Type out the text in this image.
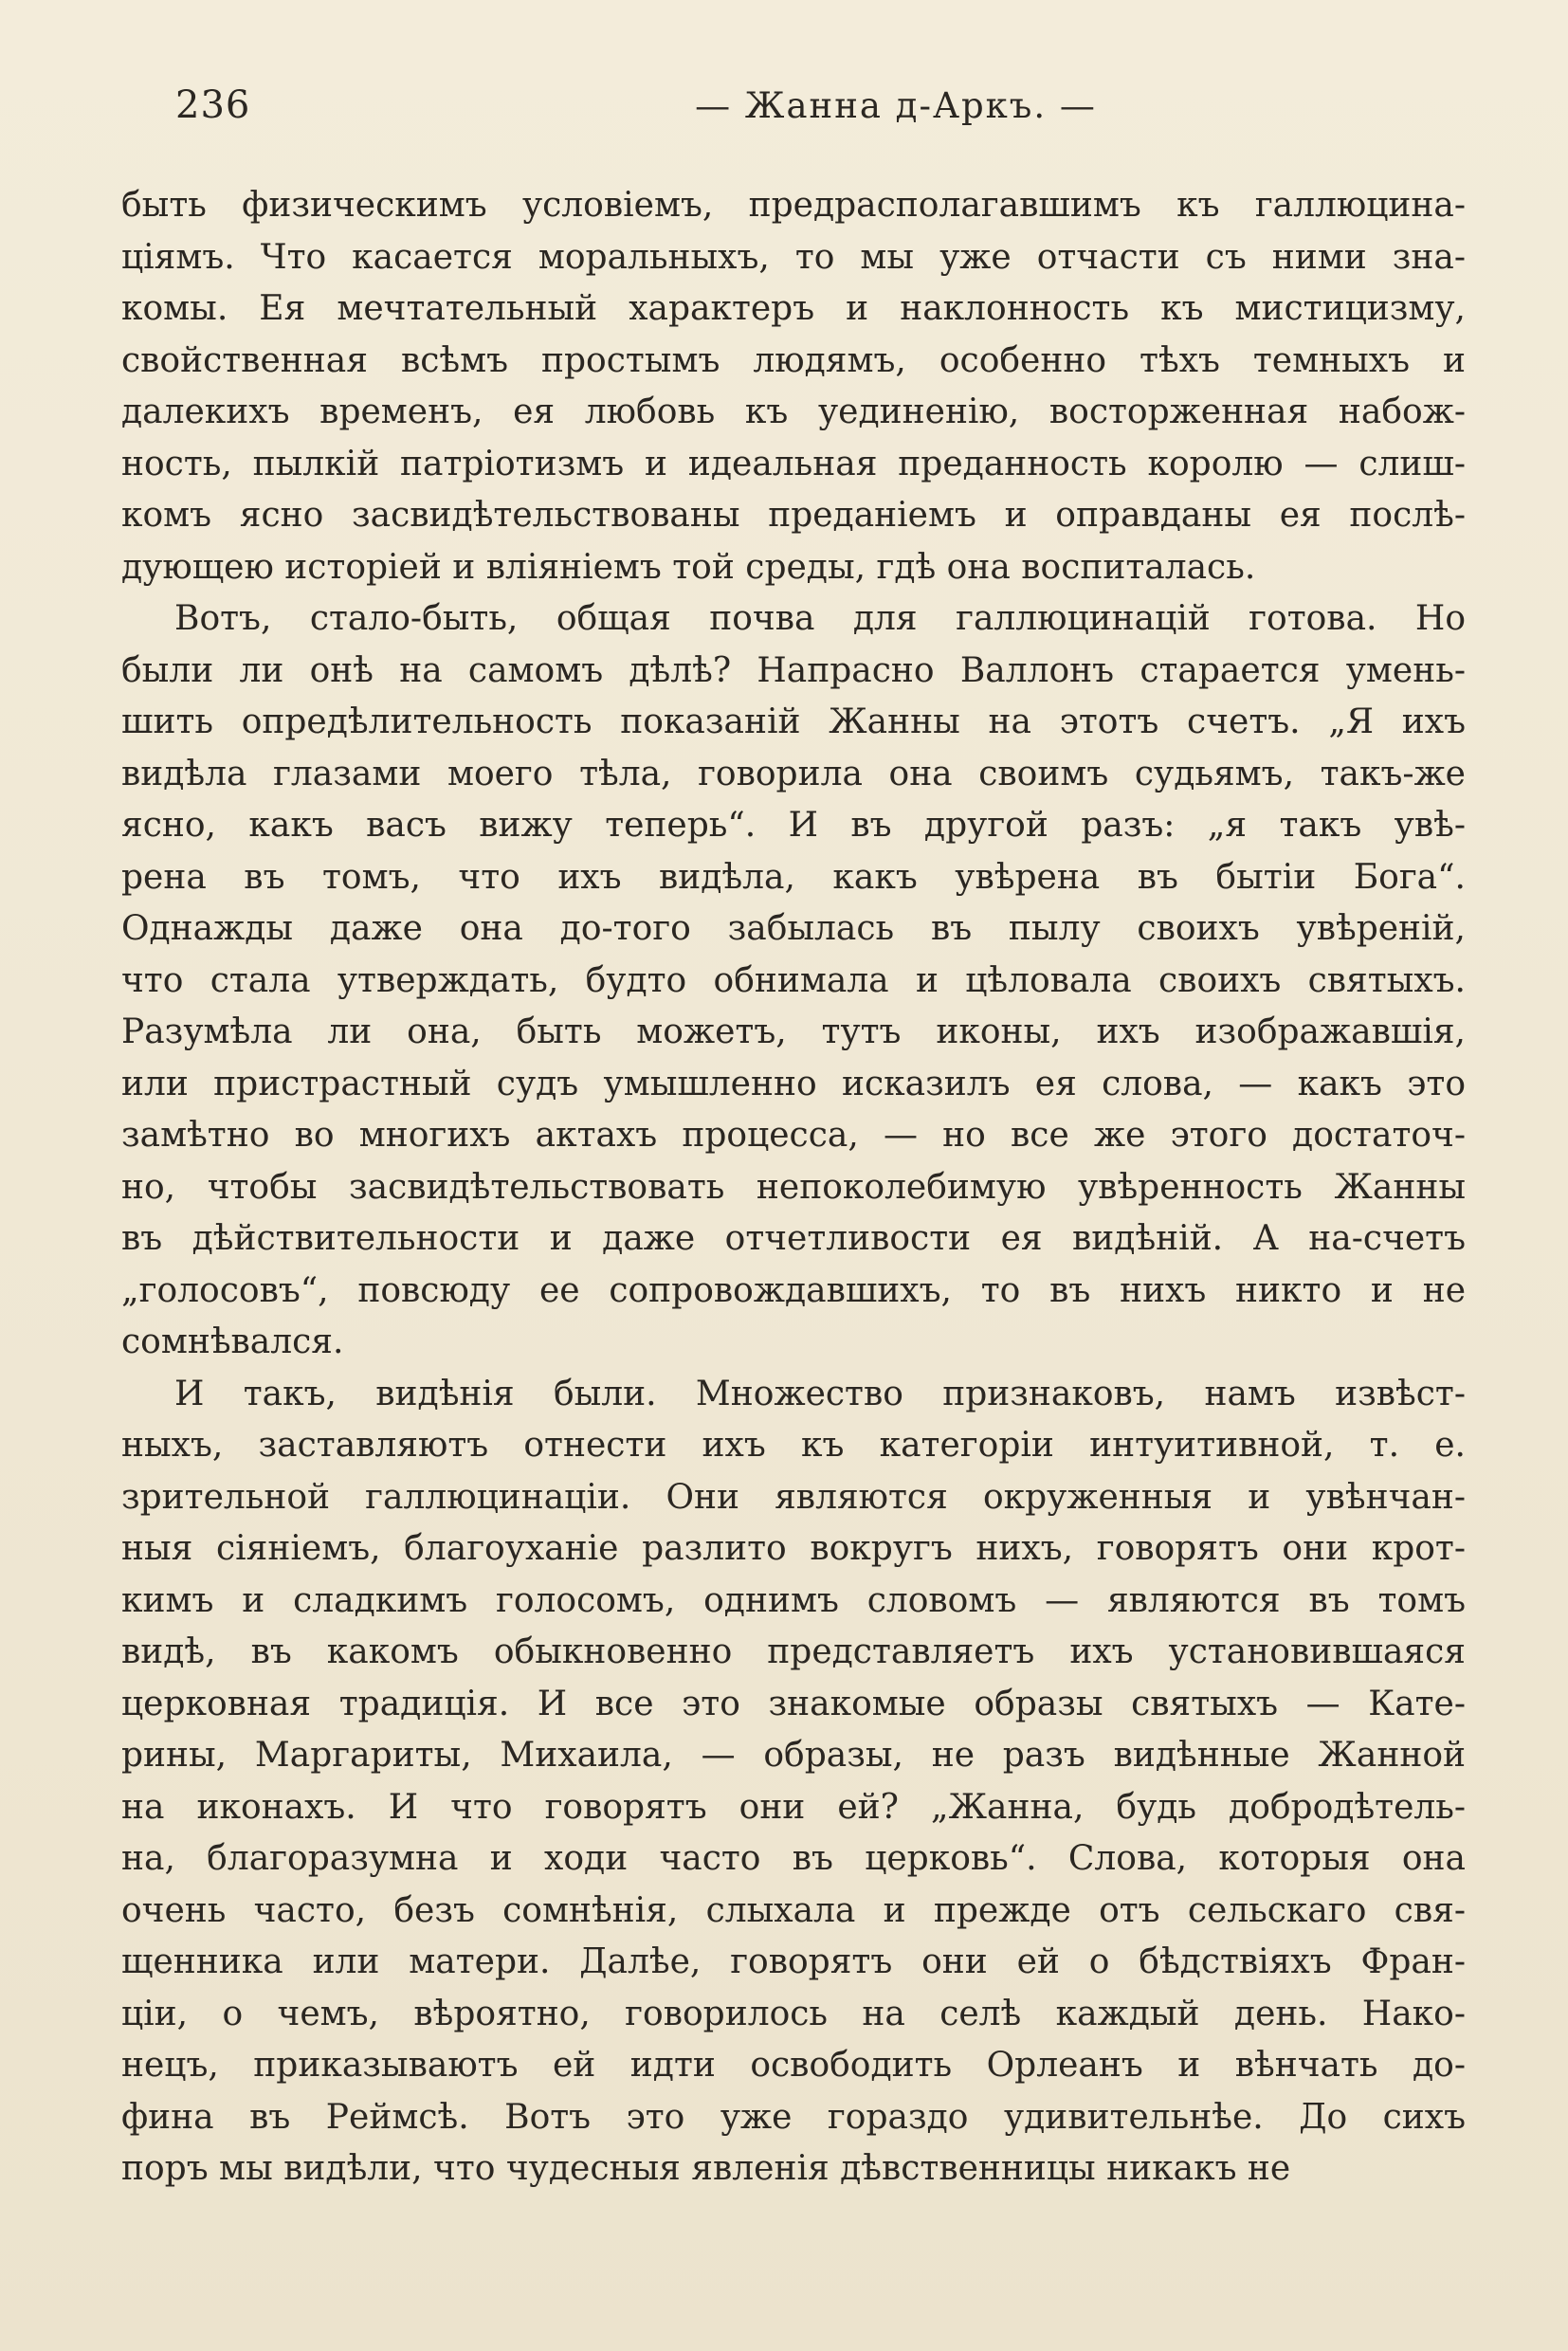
236	— Жанна д-Аркъ. —
быть физическимъ условіемъ, предрасполагавшимъ къ галлюцина-
ціямъ. Что касается моральныхъ, то мы уже отчасти съ ними зна-
комы. Ея мечтательный характеръ и наклонность къ мистицизму,
свойственная всѣмъ простымъ людямъ, особенно тѣхъ темныхъ и
далекихъ временъ, ея любовь къ уединенію, восторженная набож-
ность, пылкій патріотизмъ и идеальная преданность королю — слиш-
комъ ясно засвидѣтельствованы преданіемъ и оправданы ея послѣ-
дующею исторіей и вліяніемъ той среды, гдѣ она воспиталась.
Вотъ, стало-быть, общая почва для галлюцинацій готова. Но
были ли онѣ на самомъ дѣлѣ? Напрасно Валлонъ старается умень-
шить опредѣлительность показаній Жанны на этотъ счетъ. „Я ихъ
видѣла глазами моего тѣла, говорила она своимъ судьямъ, такъ-же
ясно, какъ васъ вижу теперь“. И въ другой разъ: „я такъ увѣ-
рена въ томъ, что ихъ видѣла, какъ увѣрена въ бытіи Бога“.
Однажды даже она до-того забылась въ пылу своихъ увѣреній,
что стала утверждать, будто обнимала и цѣловала своихъ святыхъ.
Разумѣла ли она, быть можетъ, тутъ иконы, ихъ изображавшія,
или пристрастный судъ умышленно исказилъ ея слова, — какъ это
замѣтно во многихъ актахъ процесса, — но все же этого достаточ-
но, чтобы засвидѣтельствовать непоколебимую увѣренность Жанны
въ дѣйствительности и даже отчетливости ея видѣній. А на-счетъ
„голосовъ“, повсюду ее сопровождавшихъ, то въ нихъ никто и не
сомнѣвался.
И такъ, видѣнія были. Множество признаковъ, намъ извѣст-
ныхъ, заставляютъ отнести ихъ къ категоріи интуитивной, т. е.
зрительной галлюцинаціи. Они являются окруженныя и увѣнчан-
ныя сіяніемъ, благоуханіе разлито вокругъ нихъ, говорятъ они крот-
кимъ и сладкимъ голосомъ, однимъ словомъ — являются въ томъ
видѣ, въ какомъ обыкновенно представляетъ ихъ установившаяся
церковная традиція. И все это знакомые образы святыхъ — Кате-
рины, Маргариты, Михаила, — образы, не разъ видѣнные Жанной
на иконахъ. И что говорятъ они ей? „Жанна, будь добродѣтель-
на, благоразумна и ходи часто въ церковь“. Слова, которыя она
очень часто, безъ сомнѣнія, слыхала и прежде отъ сельскаго свя-
щенника или матери. Далѣе, говорятъ они ей о бѣдствіяхъ Фран-
ціи, о чемъ, вѣроятно, говорилось на селѣ каждый день. Нако-
нецъ, приказываютъ ей идти освободить Орлеанъ и вѣнчать до-
фина въ Реймсѣ. Вотъ это уже гораздо удивительнѣе. До сихъ
поръ мы видѣли, что чудесныя явленія дѣвственницы никакъ не
